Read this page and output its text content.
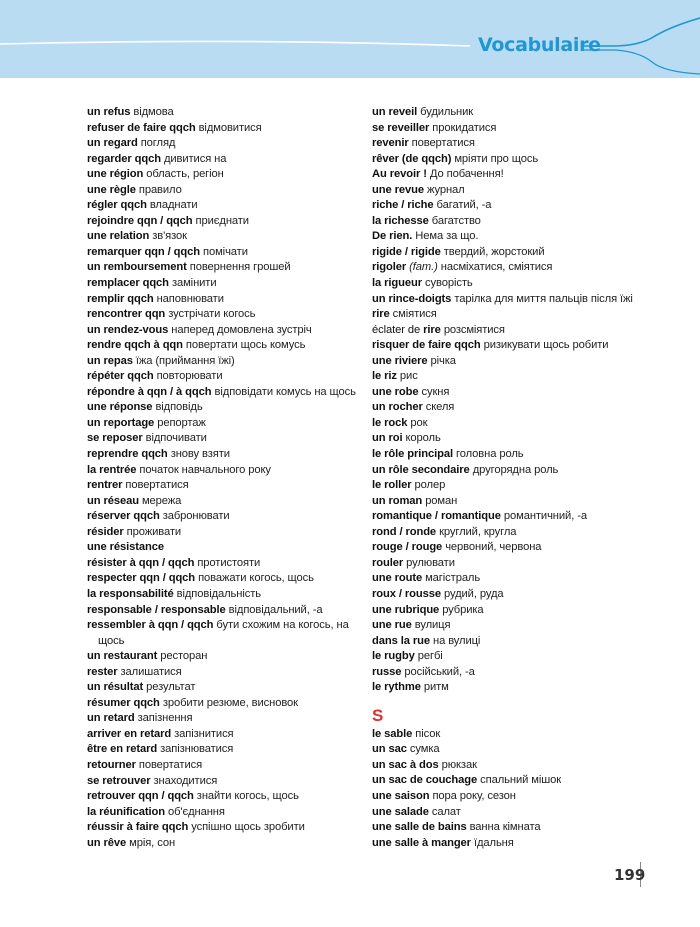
Vocabulaire
un refus відмова
refuser de faire qqch відмовитися
un regard погляд
regarder qqch дивитися на
une région область, регіон
une règle правило
régler qqch владнати
rejoindre qqn / qqch приєднати
une relation зв'язок
remarquer qqn / qqch помічати
un remboursement повернення грошей
remplacer qqch замінити
remplir qqch наповнювати
rencontrer qqn зустрічати когось
un rendez-vous наперед домовлена зустріч
rendre qqch à qqn повертати щось комусь
un repas їжа (приймання їжі)
répéter qqch повторювати
répondre à qqn / à qqch відповідати комусь на щось
une réponse відповідь
un reportage репортаж
se reposer відпочивати
reprendre qqch знову взяти
la rentrée початок навчального року
rentrer повертатися
un réseau мережа
réserver qqch забронювати
résider проживати
une résistance
résister à qqn / qqch протистояти
respecter qqn / qqch поважати когось, щось
la responsabilité відповідальність
responsable / responsable відповідальний, -а
ressembler à qqn / qqch бути схожим на когось, на
щось
un restaurant ресторан
rester залишатися
un résultat результат
résumer qqch зробити резюме, висновок
un retard запізнення
arriver en retard запізнитися
être en retard запізнюватися
retourner повертатися
se retrouver знаходитися
retrouver qqn / qqch знайти когось, щось
la réunification об'єднання
réussir à faire qqch успішно щось зробити
un rêve мрія, сон
un reveil будильник
se reveiller прокидатися
revenir повертатися
rêver (de qqch) мріяти про щось
Au revoir ! До побачення!
une revue журнал
riche / riche багатий, -а
la richesse багатство
De rien. Нема за що.
rigide / rigide твердий, жорстокий
rigoler (fam.) насміхатися, сміятися
la rigueur суворість
un rince-doigts тарілка для миття пальців після їжі
rire сміятися
éclater de rire розсміятися
risquer de faire qqch ризикувати щось робити
une riviere річка
le riz рис
une robe сукня
un rocher скеля
le rock рок
un roi король
le rôle principal головна роль
un rôle secondaire другорядна роль
le roller ролер
un roman роман
romantique / romantique романтичний, -а
rond / ronde круглий, кругла
rouge / rouge червоний, червона
rouler рулювати
une route магістраль
roux / rousse рудий, руда
une rubrique рубрика
une rue вулиця
dans la rue на вулиці
le rugby регбі
russe російський, -а
le rythme ритм
S
le sable пісок
un sac сумка
un sac à dos рюкзак
un sac de couchage спальний мішок
une saison пора року, сезон
une salade салат
une salle de bains ванна кімната
une salle à manger їдальня
199
